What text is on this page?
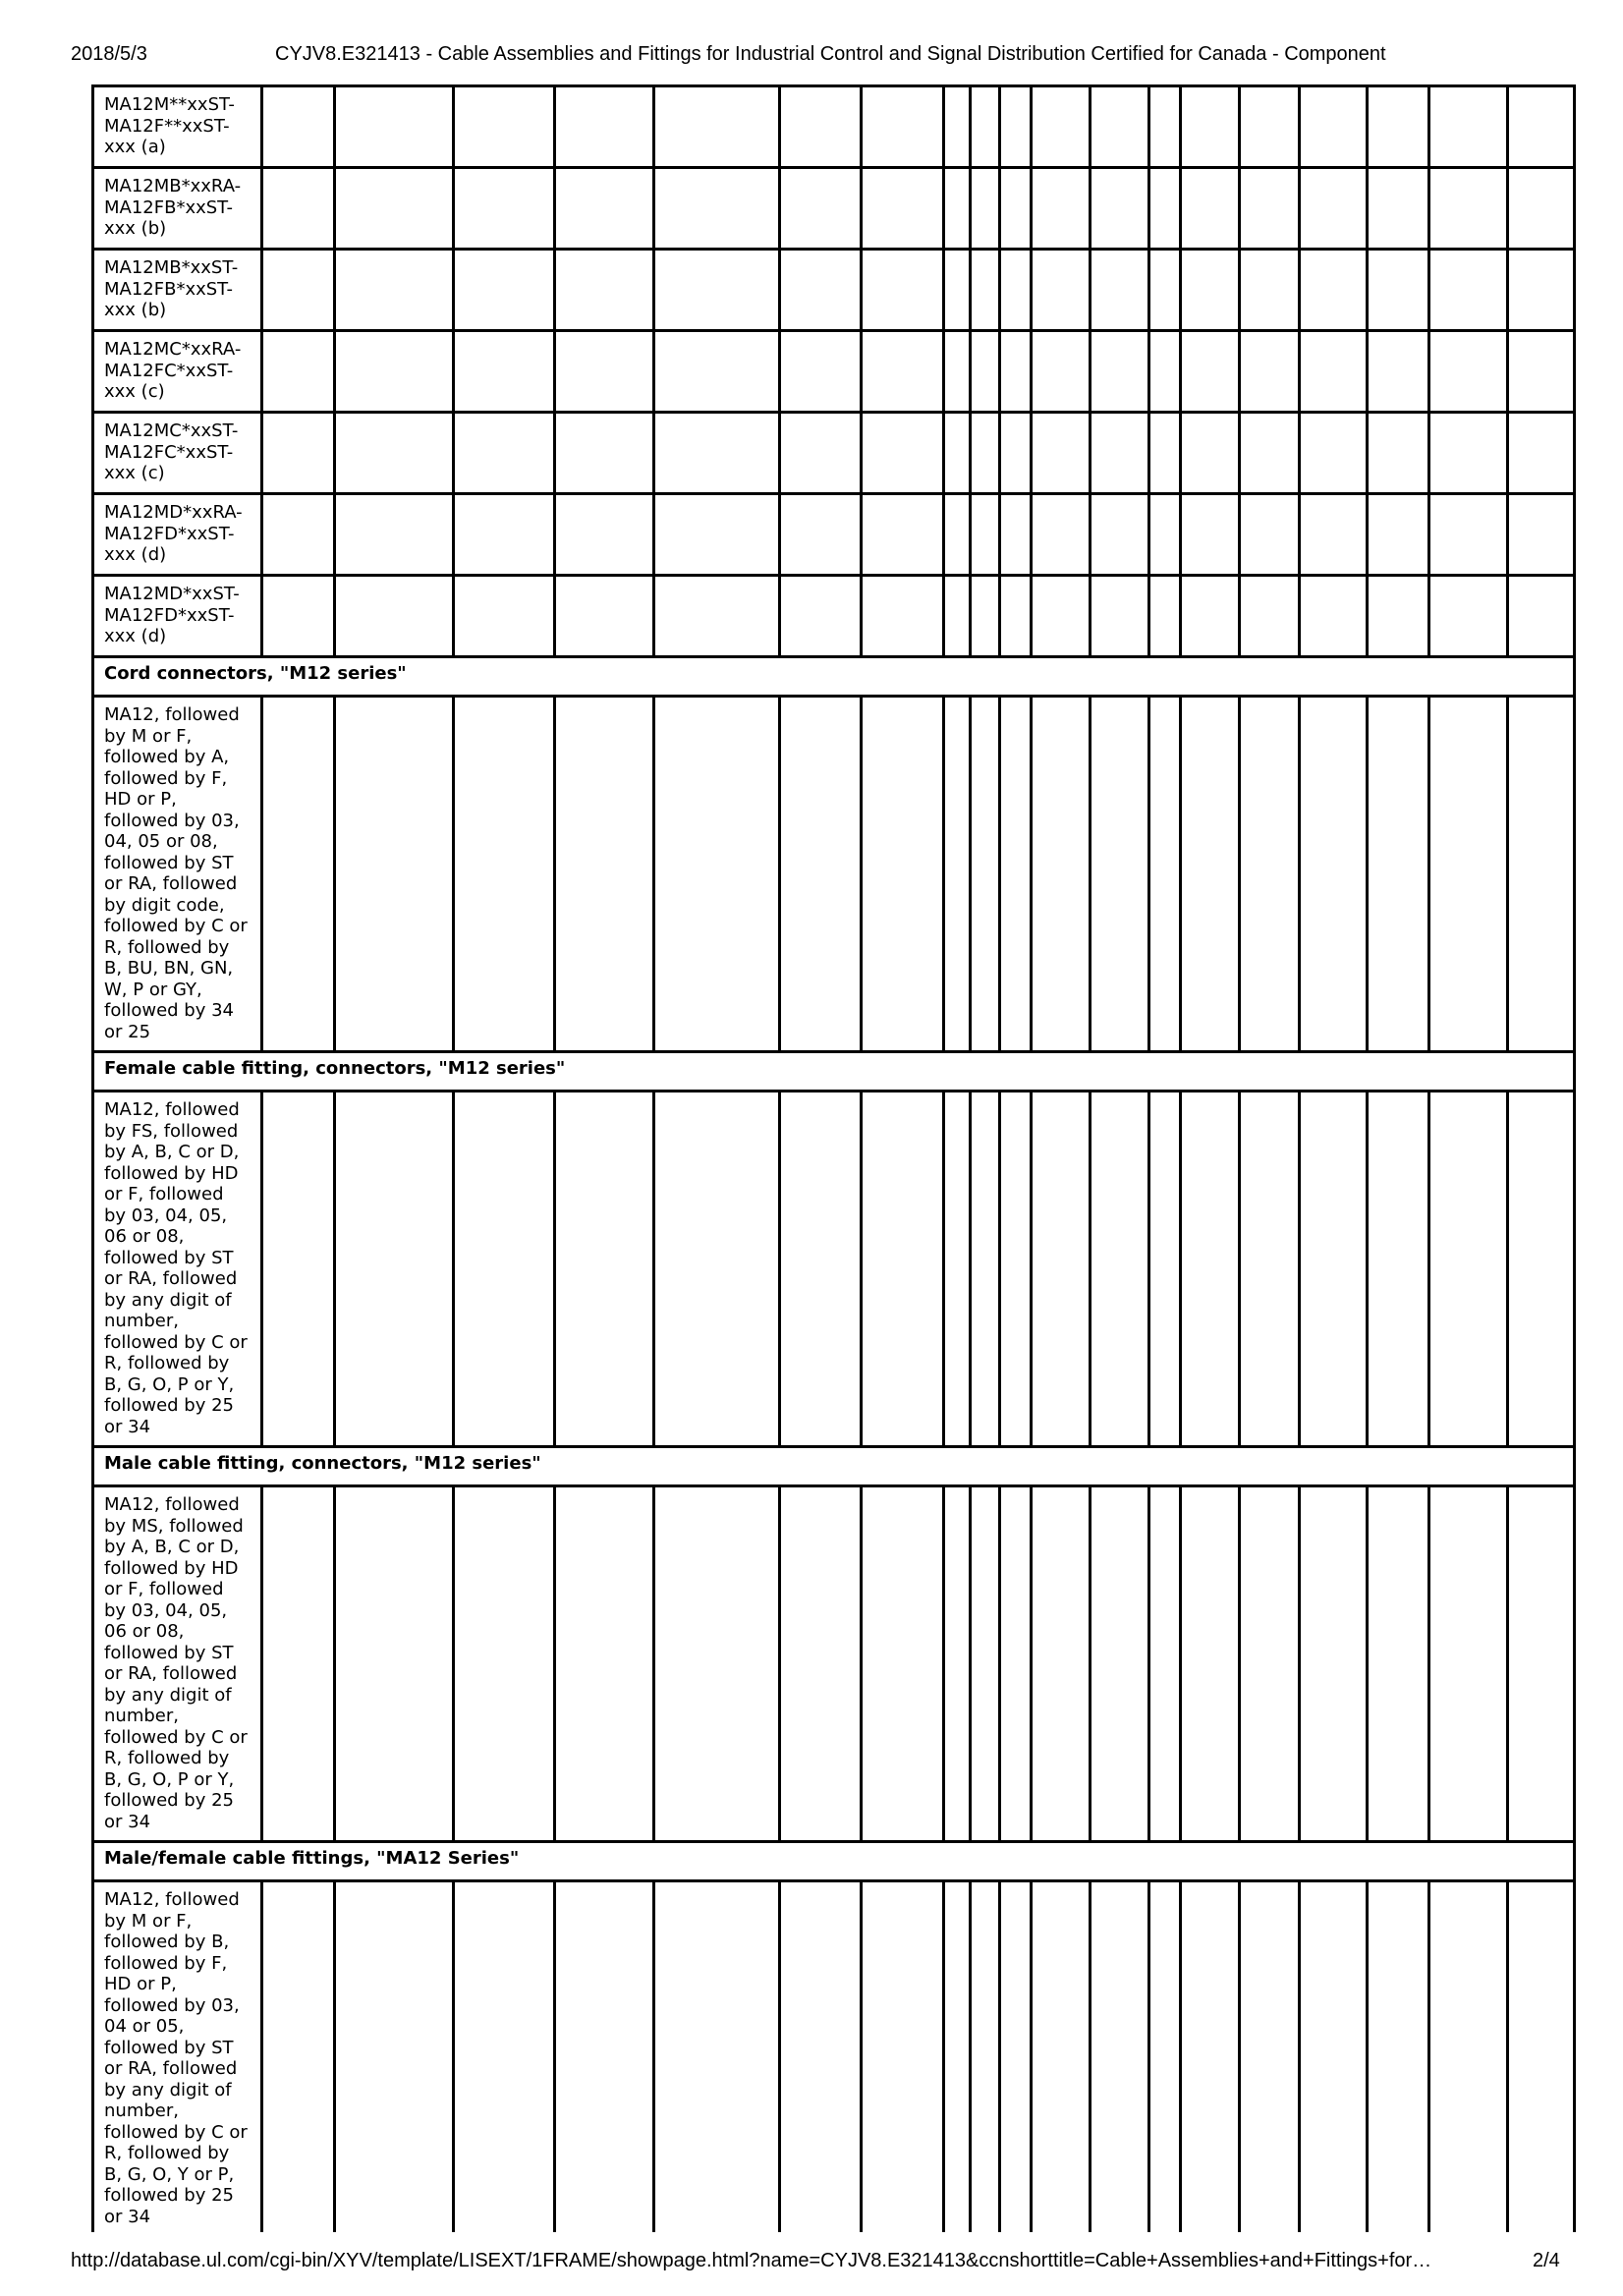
2018/5/3	CYJV8.E321413 - Cable Assemblies and Fittings for Industrial Control and Signal Distribution Certified for Canada - Component
MA12M**xxST-MA12F**xxST-xxx (a)																			
MA12MB*xxRA-MA12FB*xxST-xxx (b)																			
MA12MB*xxST-MA12FB*xxST-xxx (b)																			
MA12MC*xxRA-MA12FC*xxST-xxx (c)																			
MA12MC*xxST-MA12FC*xxST-xxx (c)																			
MA12MD*xxRA-MA12FD*xxST-xxx (d)																			
MA12MD*xxST-MA12FD*xxST-xxx (d)																			
Cord connectors, "M12 series"																			
MA12, followed by M or F, followed by A, followed by F, HD or P, followed by 03, 04, 05 or 08, followed by ST or RA, followed by digit code, followed by C or R, followed by B, BU, BN, GN, W, P or GY, followed by 34 or 25																			
Female cable fitting, connectors, "M12 series"																			
MA12, followed by FS, followed by A, B, C or D, followed by HD or F, followed by 03, 04, 05, 06 or 08, followed by ST or RA, followed by any digit of number, followed by C or R, followed by B, G, O, P or Y, followed by 25 or 34																			
Male cable fitting, connectors, "M12 series"																			
MA12, followed by MS, followed by A, B, C or D, followed by HD or F, followed by 03, 04, 05, 06 or 08, followed by ST or RA, followed by any digit of number, followed by C or R, followed by B, G, O, P or Y, followed by 25 or 34																			
Male/female cable fittings, "MA12 Series"																			
MA12, followed by M or F, followed by B, followed by F, HD or P, followed by 03, 04 or 05, followed by ST or RA, followed by any digit of number, followed by C or R, followed by B, G, O, Y or P, followed by 25 or 34																			
http://database.ul.com/cgi-bin/XYV/template/LISEXT/1FRAME/showpage.html?name=CYJV8.E321413&ccnshorttitle=Cable+Assemblies+and+Fittings+for…	2/4
